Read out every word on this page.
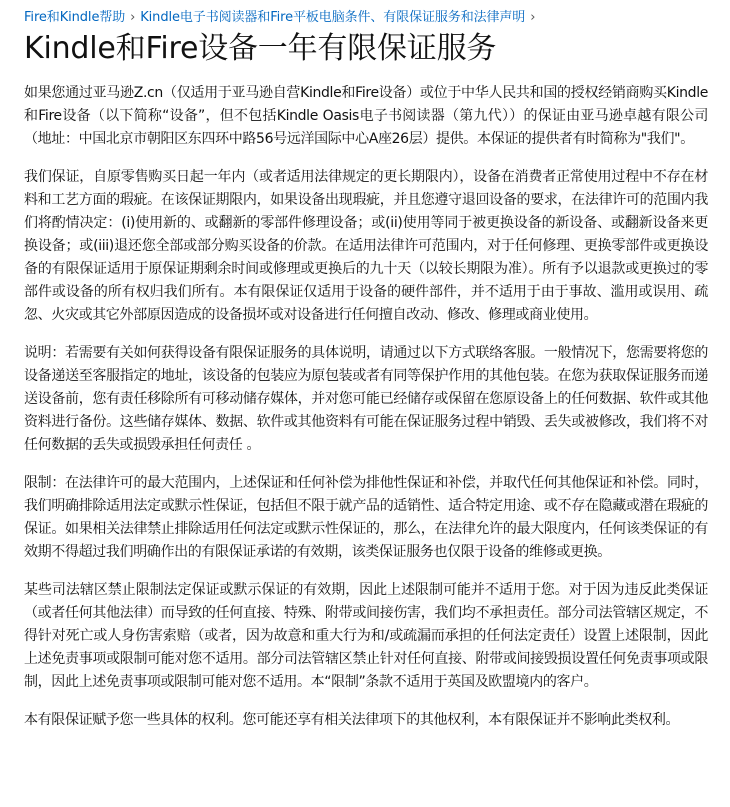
Fire和Kindle帮助 › Kindle电子书阅读器和Fire平板电脑条件、有限保证服务和法律声明 ›
Kindle和Fire设备一年有限保证服务

如果您通过亚马逊Z.cn（仅适用于亚马逊自营Kindle和Fire设备）或位于中华人民共和国的授权经销商购买Kindle和Fire设备（以下简称“设备”，但不包括Kindle Oasis电子书阅读器（第九代））的保证由亚马逊卓越有限公司（地址：中国北京市朝阳区东四环中路56号远洋国际中心A座26层）提供。本保证的提供者有时简称为"我们"。

我们保证，自原零售购买日起一年内（或者适用法律规定的更长期限内），设备在消费者正常使用过程中不存在材料和工艺方面的瑕疵。在该保证期限内，如果设备出现瑕疵，并且您遵守退回设备的要求，在法律许可的范围内我们将酌情决定：(i)使用新的、或翻新的零部件修理设备；或(ii)使用等同于被更换设备的新设备、或翻新设备来更换设备；或(iii)退还您全部或部分购买设备的价款。在适用法律许可范围内，对于任何修理、更换零部件或更换设备的有限保证适用于原保证期剩余时间或修理或更换后的九十天（以较长期限为准）。所有予以退款或更换过的零部件或设备的所有权归我们所有。本有限保证仅适用于设备的硬件部件，并不适用于由于事故、滥用或误用、疏忽、火灾或其它外部原因造成的设备损坏或对设备进行任何擅自改动、修改、修理或商业使用。

说明：若需要有关如何获得设备有限保证服务的具体说明，请通过以下方式联络客服。一般情况下，您需要将您的设备递送至客服指定的地址，该设备的包装应为原包装或者有同等保护作用的其他包装。在您为获取保证服务而递送设备前，您有责任移除所有可移动储存媒体，并对您可能已经储存或保留在您原设备上的任何数据、软件或其他资料进行备份。这些储存媒体、数据、软件或其他资料有可能在保证服务过程中销毁、丢失或被修改，我们将不对任何数据的丢失或损毁承担任何责任 。

限制：在法律许可的最大范围内，上述保证和任何补偿为排他性保证和补偿，并取代任何其他保证和补偿。同时，我们明确排除适用法定或默示性保证，包括但不限于就产品的适销性、适合特定用途、或不存在隐藏或潜在瑕疵的保证。如果相关法律禁止排除适用任何法定或默示性保证的，那么，在法律允许的最大限度内，任何该类保证的有效期不得超过我们明确作出的有限保证承诺的有效期，该类保证服务也仅限于设备的维修或更换。

某些司法辖区禁止限制法定保证或默示保证的有效期，因此上述限制可能并不适用于您。对于因为违反此类保证（或者任何其他法律）而导致的任何直接、特殊、附带或间接伤害，我们均不承担责任。部分司法管辖区规定，不得针对死亡或人身伤害索赔（或者，因为故意和重大行为和/或疏漏而承担的任何法定责任）设置上述限制，因此上述免责事项或限制可能对您不适用。部分司法管辖区禁止针对任何直接、附带或间接毁损设置任何免责事项或限制，因此上述免责事项或限制可能对您不适用。本“限制”条款不适用于英国及欧盟境内的客户。

本有限保证赋予您一些具体的权利。您可能还享有相关法律项下的其他权利，本有限保证并不影响此类权利。
